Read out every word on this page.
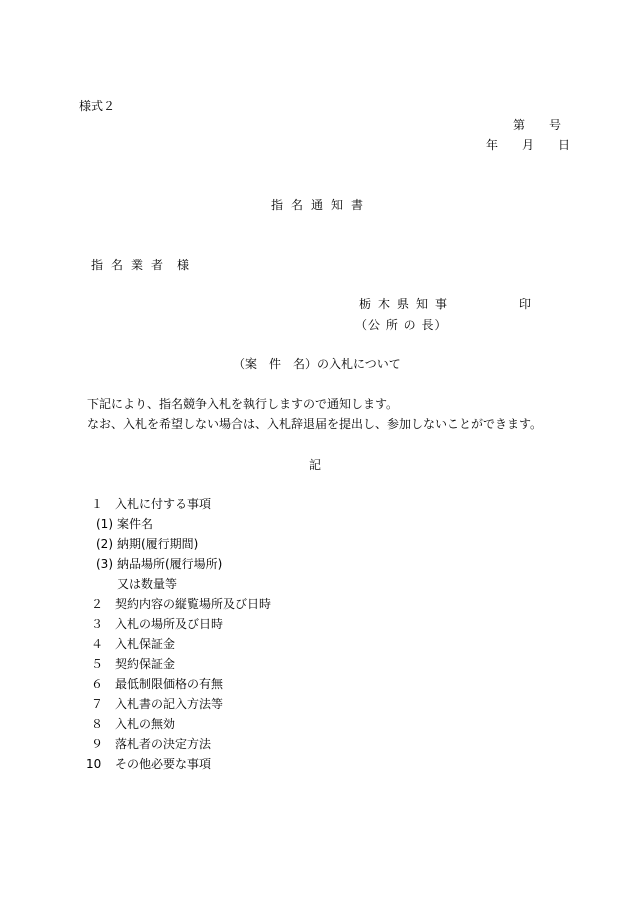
様式２
第　号
年　月　日
指名通知書
指名業者 様
栃木県知事	印
（公 所 の 長）
（案　件　名）の入札について
下記により、指名競争入札を執行しますので通知します。
なお、入札を希望しない場合は、入札辞退届を提出し、参加しないことができます。
記
１ 入札に付する事項
(1) 案件名
(2) 納期(履行期間)
(3) 納品場所(履行場所)
又は数量等
２ 契約内容の縦覧場所及び日時
３ 入札の場所及び日時
４ 入札保証金
５ 契約保証金
６ 最低制限価格の有無
７ 入札書の記入方法等
８ 入札の無効
９ 落札者の決定方法
10 その他必要な事項
